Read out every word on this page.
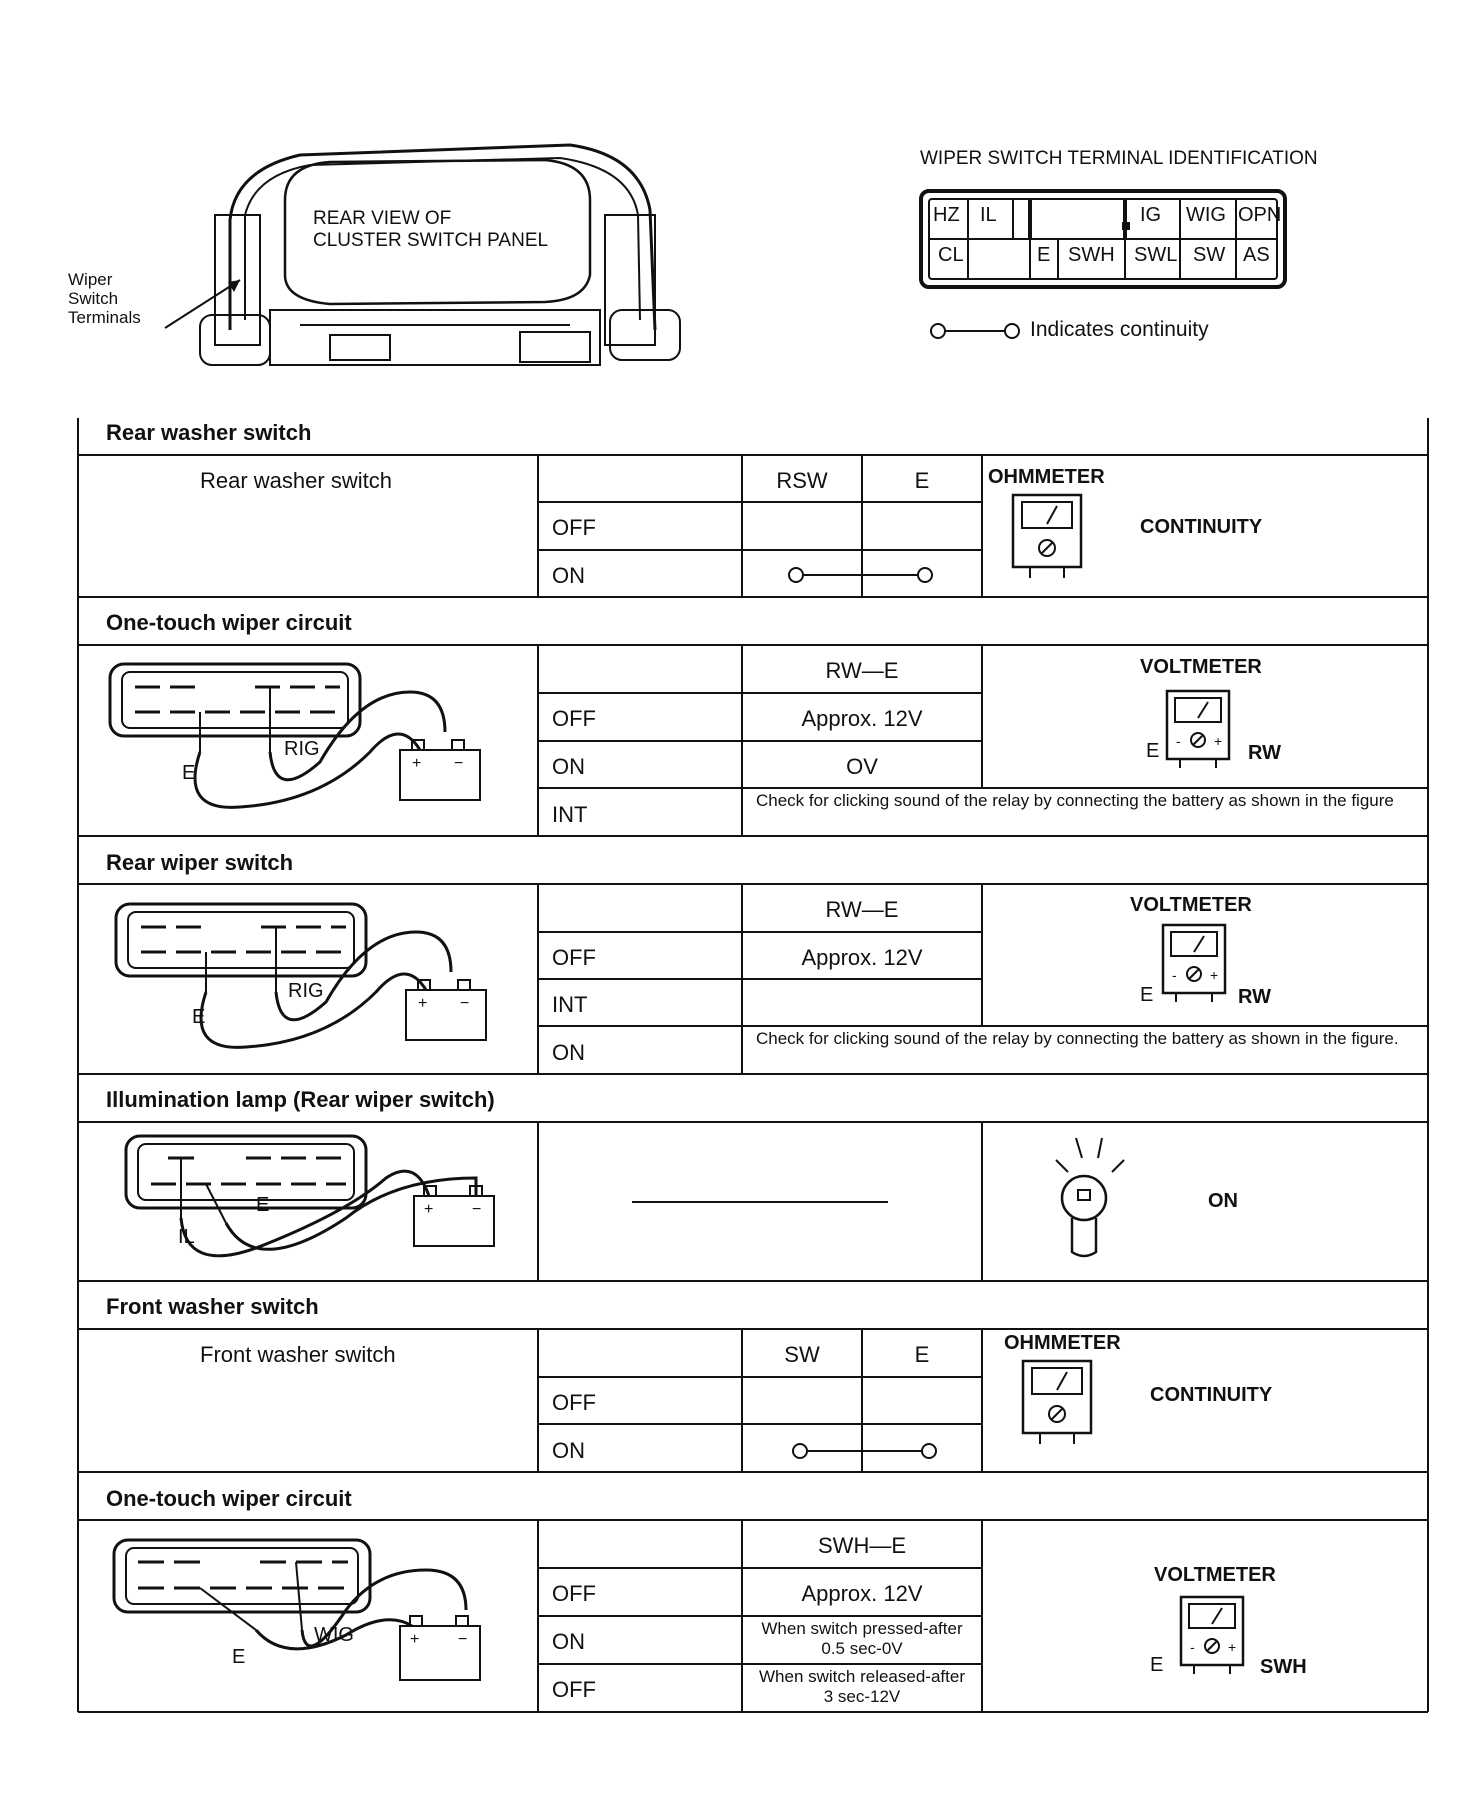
REAR VIEW OF
CLUSTER SWITCH PANEL
Wiper
Switch
Terminals
WIPER SWITCH TERMINAL IDENTIFICATION
HZ IL	IG WIG OPN
CL	E SWH SWL SW AS
Indicates continuity
Rear washer switch
Rear washer switch	RSW	E
OFF
ON
OHMMETER
CONTINUITY
One-touch wiper circuit
+ −
E
RIG
RW—E
OFF	Approx. 12V
ON	OV
INT
Check for clicking sound of the relay by connecting the battery as shown in the figure
VOLTMETER
- +
E	RW
Rear wiper switch
+ −
E
RIG
RW—E
OFF	Approx. 12V
INT
ON
Check for clicking sound of the relay by connecting the battery as shown in the figure.
VOLTMETER
- +
E	RW
Illumination lamp (Rear wiper switch)
+ −
IL
E	ON
Front washer switch
Front washer switch	SW	E
OFF
ON
OHMMETER
CONTINUITY
One-touch wiper circuit
+ −
E
WIG
SWH—E
OFF	Approx. 12V
ON
When switch pressed-after
0.5 sec-0V
OFF
When switch released-after
3 sec-12V
VOLTMETER
- +
E	SWH
